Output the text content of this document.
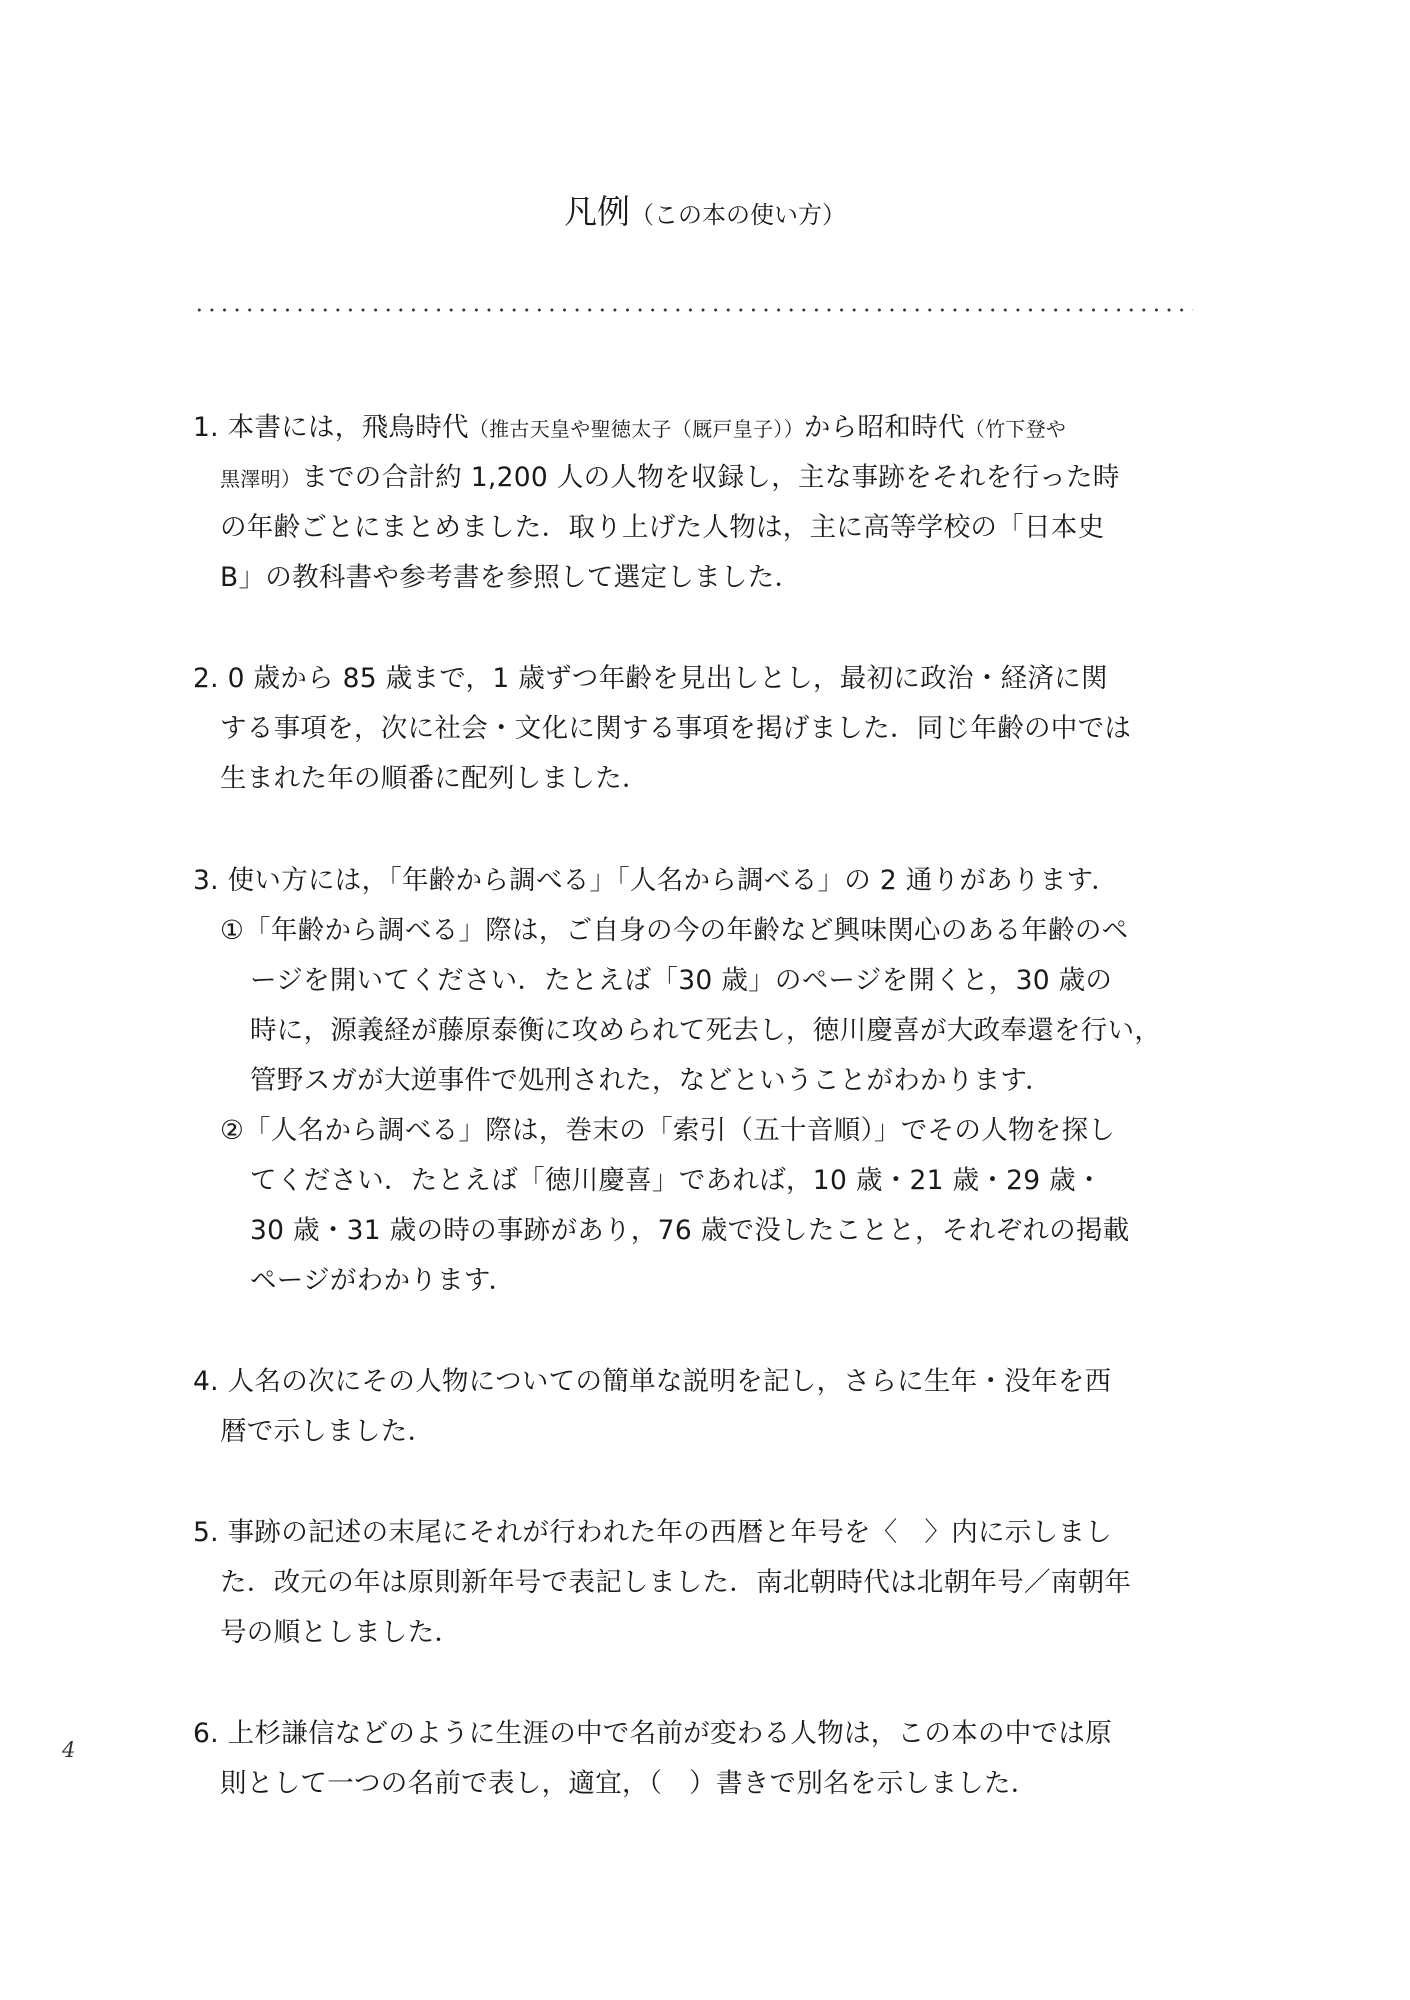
凡例（この本の使い方）
1. 本書には，飛鳥時代（推古天皇や聖徳太子（厩戸皇子））から昭和時代（竹下登や
黒澤明）までの合計約 1,200 人の人物を収録し，主な事跡をそれを行った時
の年齢ごとにまとめました．取り上げた人物は，主に高等学校の「日本史
B」の教科書や参考書を参照して選定しました．
2. 0 歳から 85 歳まで，1 歳ずつ年齢を見出しとし，最初に政治・経済に関
する事項を，次に社会・文化に関する事項を掲げました．同じ年齢の中では
生まれた年の順番に配列しました．
3. 使い方には，「年齢から調べる」「人名から調べる」の 2 通りがあります．
①「年齢から調べる」際は，ご自身の今の年齢など興味関心のある年齢のペ
ージを開いてください．たとえば「30 歳」のページを開くと，30 歳の
時に，源義経が藤原泰衡に攻められて死去し，徳川慶喜が大政奉還を行い，
管野スガが大逆事件で処刑された，などということがわかります．
②「人名から調べる」際は，巻末の「索引（五十音順）」でその人物を探し
てください．たとえば「徳川慶喜」であれば，10 歳・21 歳・29 歳・
30 歳・31 歳の時の事跡があり，76 歳で没したことと，それぞれの掲載
ページがわかります．
4. 人名の次にその人物についての簡単な説明を記し，さらに生年・没年を西
暦で示しました．
5. 事跡の記述の末尾にそれが行われた年の西暦と年号を〈　〉内に示しまし
た．改元の年は原則新年号で表記しました．南北朝時代は北朝年号／南朝年
号の順としました．
6. 上杉謙信などのように生涯の中で名前が変わる人物は，この本の中では原
則として一つの名前で表し，適宜，（　）書きで別名を示しました．
4
